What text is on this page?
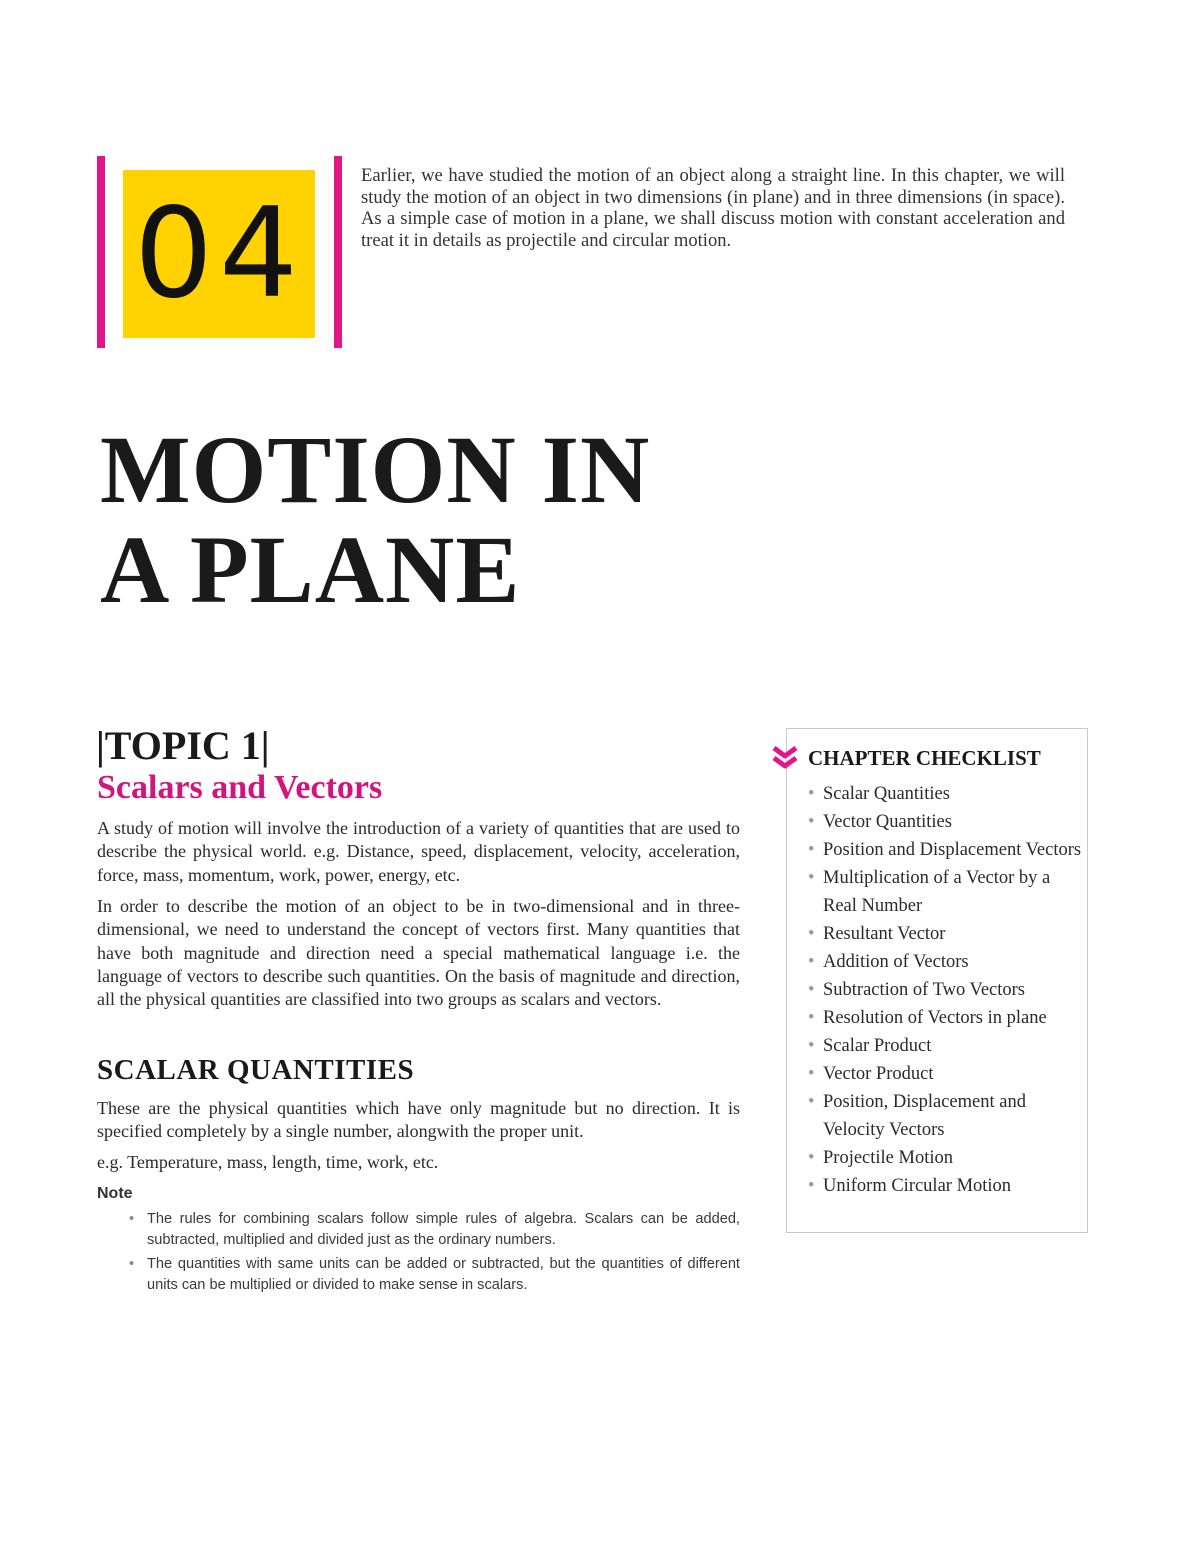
04

Earlier, we have studied the motion of an object along a straight line. In this chapter, we will study the motion of an object in two dimensions (in plane) and in three dimensions (in space). As a simple case of motion in a plane, we shall discuss motion with constant acceleration and treat it in details as projectile and circular motion.

MOTION IN
A PLANE
|TOPIC 1|
Scalars and Vectors

A study of motion will involve the introduction of a variety of quantities that are used to describe the physical world. e.g. Distance, speed, displacement, velocity, acceleration, force, mass, momentum, work, power, energy, etc.

In order to describe the motion of an object to be in two-dimensional and in three-dimensional, we need to understand the concept of vectors first. Many quantities that have both magnitude and direction need a special mathematical language i.e. the language of vectors to describe such quantities. On the basis of magnitude and direction, all the physical quantities are classified into two groups as scalars and vectors.

SCALAR QUANTITIES

These are the physical quantities which have only magnitude but no direction. It is specified completely by a single number, alongwith the proper unit.

e.g. Temperature, mass, length, time, work, etc.

Note
• The rules for combining scalars follow simple rules of algebra. Scalars can be added, subtracted, multiplied and divided just as the ordinary numbers.
• The quantities with same units can be added or subtracted, but the quantities of different units can be multiplied or divided to make sense in scalars.
CHAPTER CHECKLIST
• Scalar Quantities
• Vector Quantities
• Position and Displacement Vectors
• Multiplication of a Vector by a Real Number
• Resultant Vector
• Addition of Vectors
• Subtraction of Two Vectors
• Resolution of Vectors in plane
• Scalar Product
• Vector Product
• Position, Displacement and Velocity Vectors
• Projectile Motion
• Uniform Circular Motion
